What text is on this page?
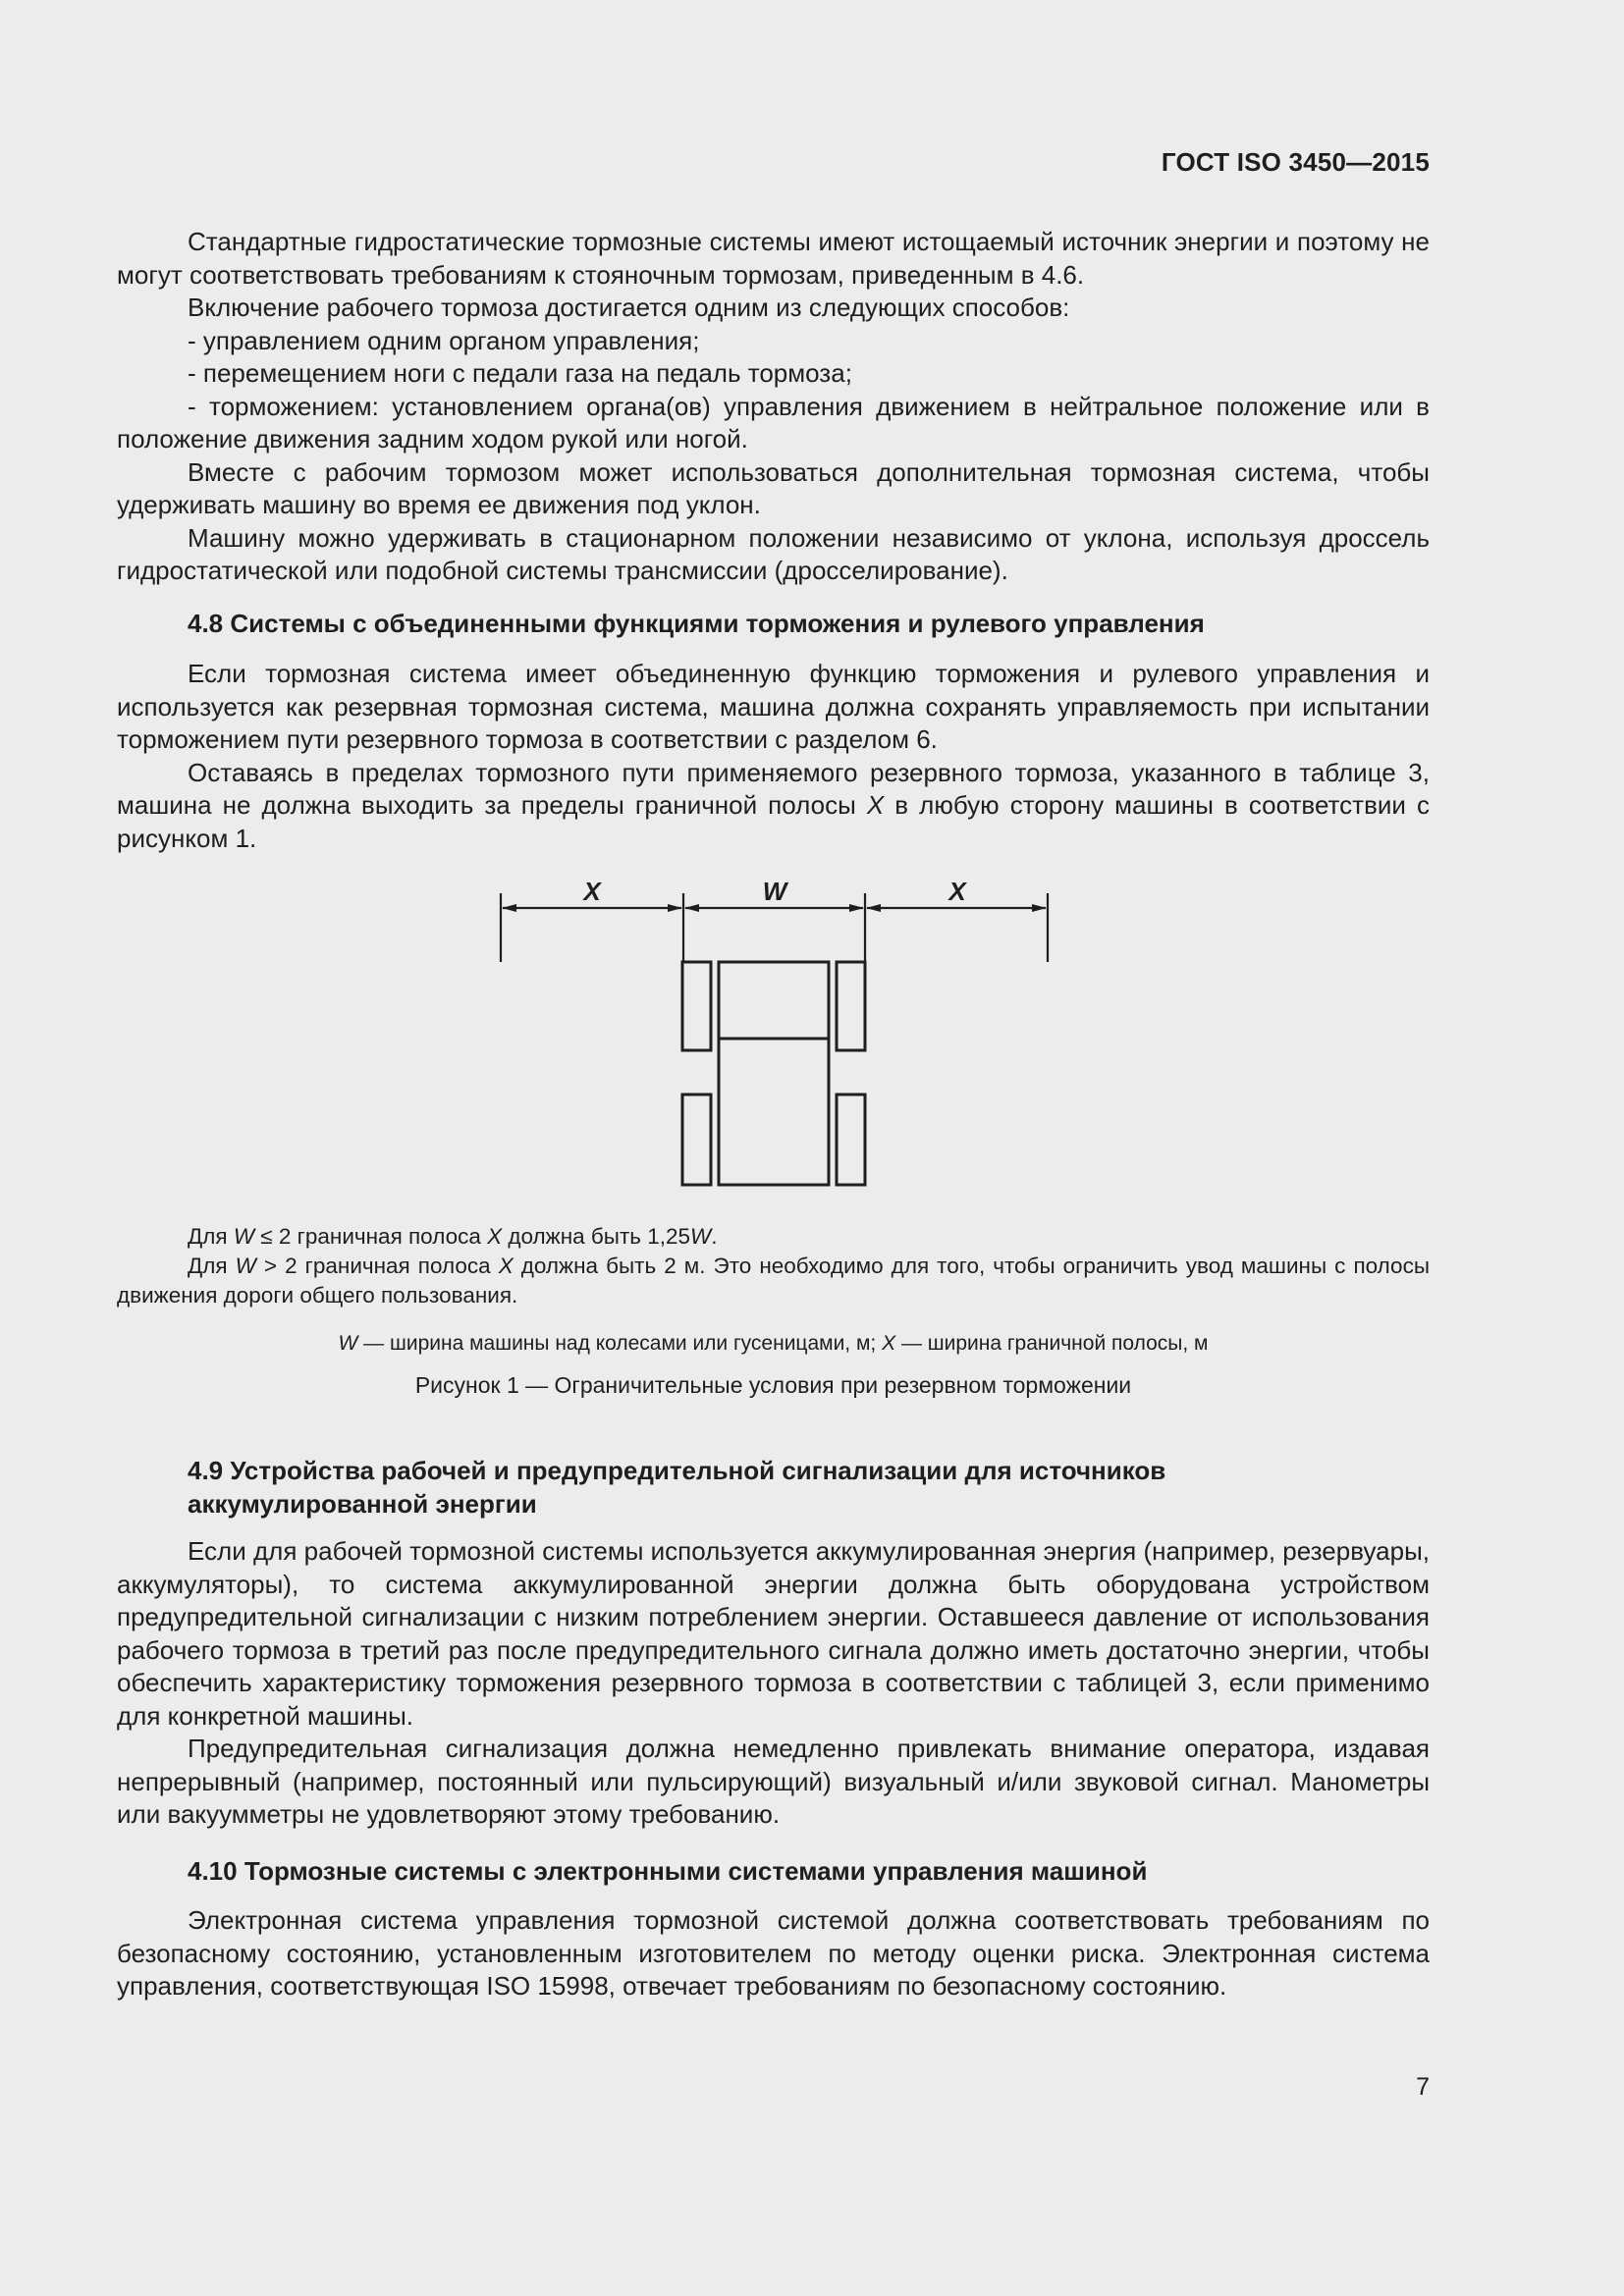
ГОСТ ISO 3450—2015

Стандартные гидростатические тормозные системы имеют истощаемый источник энергии и поэтому не могут соответствовать требованиям к стояночным тормозам, приведенным в 4.6.

Включение рабочего тормоза достигается одним из следующих способов:

- управлением одним органом управления;

- перемещением ноги с педали газа на педаль тормоза;

- торможением: установлением органа(ов) управления движением в нейтральное положение или в положение движения задним ходом рукой или ногой.

Вместе с рабочим тормозом может использоваться дополнительная тормозная система, чтобы удерживать машину во время ее движения под уклон.

Машину можно удерживать в стационарном положении независимо от уклона, используя дроссель гидростатической или подобной системы трансмиссии (дросселирование).

4.8 Системы с объединенными функциями торможения и рулевого управления

Если тормозная система имеет объединенную функцию торможения и рулевого управления и используется как резервная тормозная система, машина должна сохранять управляемость при испытании торможением пути резервного тормоза в соответствии с разделом 6.

Оставаясь в пределах тормозного пути применяемого резервного тормоза, указанного в таблице 3, машина не должна выходить за пределы граничной полосы X в любую сторону машины в соответствии с рисунком 1.

X	W	X

Для W ≤ 2 граничная полоса X должна быть 1,25W.

Для W > 2 граничная полоса X должна быть 2 м. Это необходимо для того, чтобы ограничить увод машины с полосы движения дороги общего пользования.

W — ширина машины над колесами или гусеницами, м; X — ширина граничной полосы, м
Рисунок 1 — Ограничительные условия при резервном торможении

4.9 Устройства рабочей и предупредительной сигнализации для источников
аккумулированной энергии

Если для рабочей тормозной системы используется аккумулированная энергия (например, резервуары, аккумуляторы), то система аккумулированной энергии должна быть оборудована устройством предупредительной сигнализации с низким потреблением энергии. Оставшееся давление от использования рабочего тормоза в третий раз после предупредительного сигнала должно иметь достаточно энергии, чтобы обеспечить характеристику торможения резервного тормоза в соответствии с таблицей 3, если применимо для конкретной машины.

Предупредительная сигнализация должна немедленно привлекать внимание оператора, издавая непрерывный (например, постоянный или пульсирующий) визуальный и/или звуковой сигнал. Манометры или вакуумметры не удовлетворяют этому требованию.

4.10 Тормозные системы с электронными системами управления машиной

Электронная система управления тормозной системой должна соответствовать требованиям по безопасному состоянию, установленным изготовителем по методу оценки риска. Электронная система управления, соответствующая ISO 15998, отвечает требованиям по безопасному состоянию.

7
